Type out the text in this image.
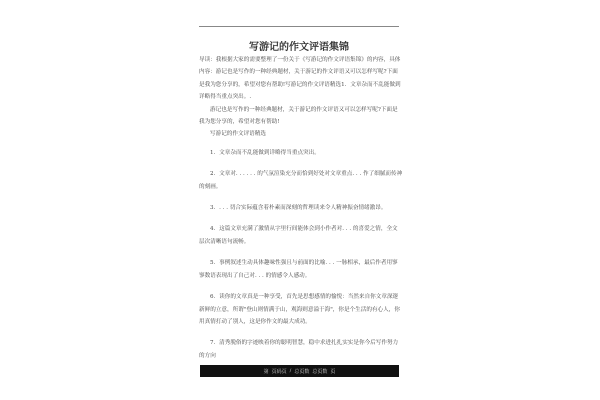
写游记的作文评语集锦

导读：我根据大家的需要整理了一份关于《写游记的作文评语集锦》的内容，具体内容：游记也是写作的一种经典题材，关于游记的作文评语又可以怎样写呢?下面是我为您分享的，希望对您有帮助!写游记的作文评语精选1．文章杂而不乱能做到详略得当重点突出。.

游记也是写作的一种经典题材，关于游记的作文评语又可以怎样写呢?下面是我为您分享的，希望对您有帮助!

写游记的作文评语精选

1．文章杂而不乱能做到详略得当重点突出。

2．文章对. . . . . . 的气氛渲染充分而恰到好处对文章重点. . . 作了细腻而传神的刻画。

3．. . . 切合实际蕴含着朴素而深刻的哲理读来令人精神振奋情绪激昂。

4．这篇文章充满了激情从字里行间能体会到小作者对. . . 的喜爱之情，全文层次清晰语句流畅。

5．事例叙述生动具体趣味性强且与前面的比喻. . . 一脉相承，最后作者用寥寥数语表现出了自己对. . . 的情感令人感动。

6．读你的文章真是一种享受，首先是思想感情的愉悦：当然来自你文章深邃新鲜的立意，所谓"登山则情满于山，观海则意溢于海"，你是个生活的有心人，你用真情打动了别人，这是你作文的最大成功。

7．清秀脱俗的字迹映着你的聪明智慧，稳中求进扎扎实实是你今后写作努力的方向

第 页码页 / 总页数 总页数 页
